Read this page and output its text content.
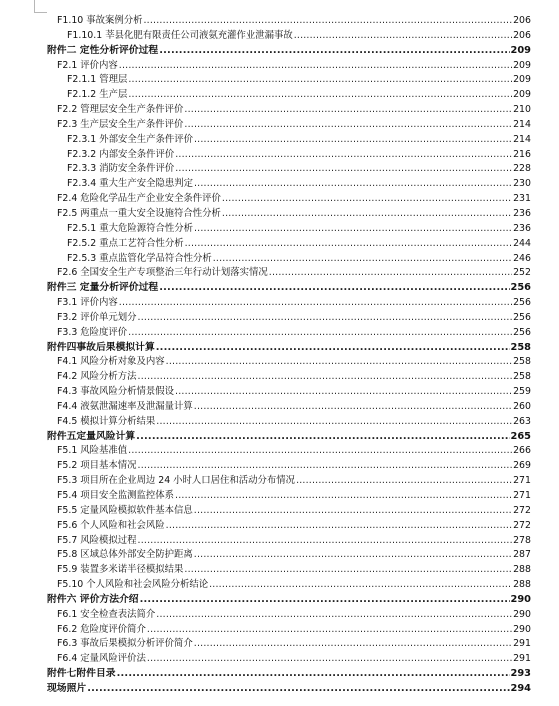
F1.10 事故案例分析 .....	206
F1.10.1 莘县化肥有限责任公司液氨充灌作业泄漏事故 .....	206
附件二 定性分析评价过程 .....	209
F2.1 评价内容 .....	209
F2.1.1 管理层 .....	209
F2.1.2 生产层 .....	209
F2.2 管理层安全生产条件评价 .....	210
F2.3 生产层安全生产条件评价 .....	214
F2.3.1 外部安全生产条件评价 .....	214
F2.3.2 内部安全条件评价 .....	216
F2.3.3 消防安全条件评价 .....	228
F2.3.4 重大生产安全隐患判定 .....	230
F2.4 危险化学品生产企业安全条件评价 .....	231
F2.5 两重点一重大安全设施符合性分析 .....	236
F2.5.1 重大危险源符合性分析 .....	236
F2.5.2 重点工艺符合性分析 .....	244
F2.5.3 重点监管化学品符合性分析 .....	246
F2.6 全国安全生产专项整治三年行动计划落实情况 .....	252
附件三 定量分析评价过程 .....	256
F3.1 评价内容 .....	256
F3.2 评价单元划分 .....	256
F3.3 危险度评价 .....	256
附件四事故后果模拟计算 .....	258
F4.1 风险分析对象及内容 .....	258
F4.2 风险分析方法 .....	258
F4.3 事故风险分析情景假设 .....	259
F4.4 液氨泄漏速率及泄漏量计算 .....	260
F4.5 模拟计算分析结果 .....	263
附件五定量风险计算 .....	265
F5.1 风险基准值 .....	266
F5.2 项目基本情况 .....	269
F5.3 项目所在企业周边 24 小时人口居住和活动分布情况 .....	271
F5.4 项目安全监测监控体系 .....	271
F5.5 定量风险模拟软件基本信息 .....	272
F5.6 个人风险和社会风险 .....	272
F5.7 风险模拟过程 .....	278
F5.8 区域总体外部安全防护距离 .....	287
F5.9 装置多米诺半径模拟结果 .....	288
F5.10 个人风险和社会风险分析结论 .....	288
附件六 评价方法介绍 .....	290
F6.1 安全检查表法简介 .....	290
F6.2 危险度评价简介 .....	290
F6.3 事故后果模拟分析评价简介 .....	291
F6.4 定量风险评价法 .....	291
附件七附件目录 .....	293
现场照片 .....	294
